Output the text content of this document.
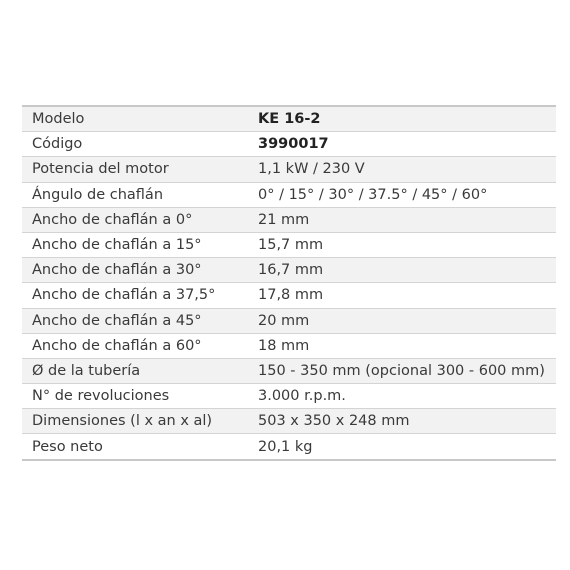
Modelo	KE 16-2
Código	3990017
Potencia del motor	1,1 kW / 230 V
Ángulo de chaflán	0° / 15° / 30° / 37.5° / 45° / 60°
Ancho de chaflán a 0°	21 mm
Ancho de chaflán a 15°	15,7 mm
Ancho de chaflán a 30°	16,7 mm
Ancho de chaflán a 37,5°	17,8 mm
Ancho de chaflán a 45°	20 mm
Ancho de chaflán a 60°	18 mm
Ø de la tubería	150 - 350 mm (opcional 300 - 600 mm)
N° de revoluciones	3.000 r.p.m.
Dimensiones (l x an x al)	503 x 350 x 248 mm
Peso neto	20,1 kg
